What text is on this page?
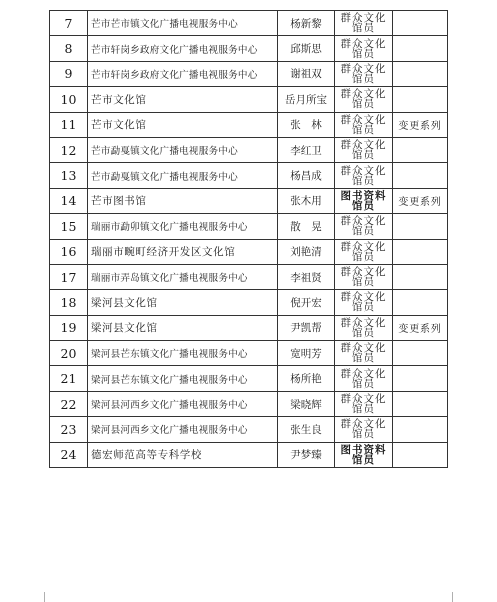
7	芒市芒市镇文化广播电视服务中心	杨新黎	群众文化馆员	
8	芒市轩岗乡政府文化广播电视服务中心	邱斯思	群众文化馆员	
9	芒市轩岗乡政府文化广播电视服务中心	谢祖双	群众文化馆员	
10	芒市文化馆	岳月所宝	群众文化馆员	
11	芒市文化馆	张　林	群众文化馆员	变更系列
12	芒市勐戛镇文化广播电视服务中心	李红卫	群众文化馆员	
13	芒市勐戛镇文化广播电视服务中心	杨昌成	群众文化馆员	
14	芒市图书馆	张木用	图书资料馆员	变更系列
15	瑞丽市勐卯镇文化广播电视服务中心	散　晃	群众文化馆员	
16	瑞丽市畹町经济开发区文化馆	刘艳清	群众文化馆员	
17	瑞丽市弄岛镇文化广播电视服务中心	李祖贤	群众文化馆员	
18	梁河县文化馆	倪开宏	群众文化馆员	
19	梁河县文化馆	尹凯帮	群众文化馆员	变更系列
20	梁河县芒东镇文化广播电视服务中心	宽明芳	群众文化馆员	
21	梁河县芒东镇文化广播电视服务中心	杨所艳	群众文化馆员	
22	梁河县河西乡文化广播电视服务中心	梁晓辉	群众文化馆员	
23	梁河县河西乡文化广播电视服务中心	张生良	群众文化馆员	
24	德宏师范高等专科学校	尹梦臻	图书资料馆员	
